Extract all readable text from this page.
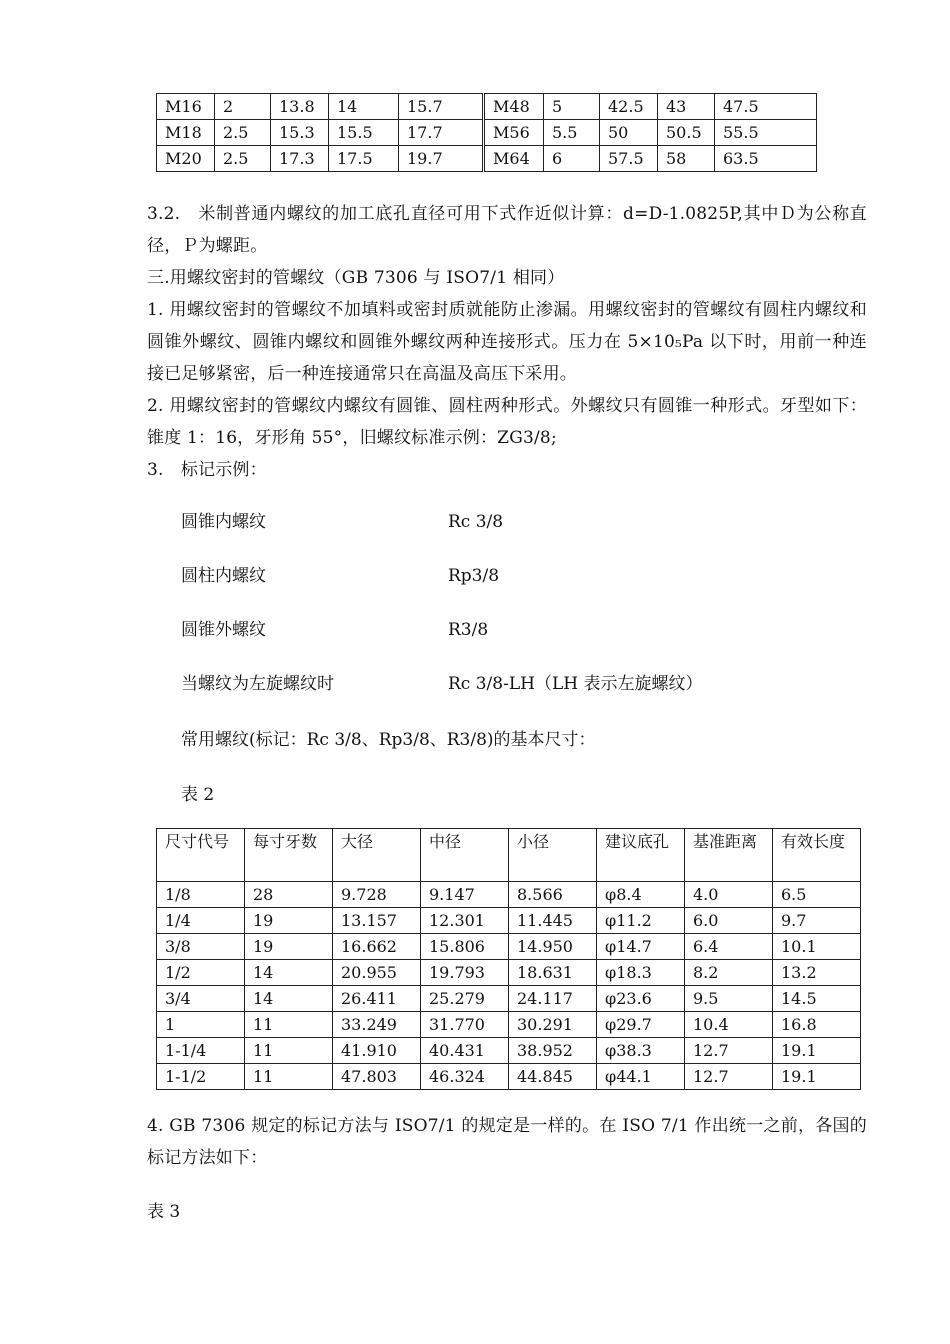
M16	2	13.8	14	15.7	M48	5	42.5	43	47.5
M18	2.5	15.3	15.5	17.7	M56	5.5	50	50.5	55.5
M20	2.5	17.3	17.5	19.7	M64	6	57.5	58	63.5
3.2.　米制普通内螺纹的加工底孔直径可用下式作近似计算：d=D-1.0825P,其中Ｄ为公称直径，Ｐ为螺距。
三.用螺纹密封的管螺纹（GB 7306 与 ISO7/1 相同）
1. 用螺纹密封的管螺纹不加填料或密封质就能防止渗漏。用螺纹密封的管螺纹有圆柱内螺纹和圆锥外螺纹、圆锥内螺纹和圆锥外螺纹两种连接形式。压力在 5×10₅Pa 以下时，用前一种连接已足够紧密，后一种连接通常只在高温及高压下采用。
2. 用螺纹密封的管螺纹内螺纹有圆锥、圆柱两种形式。外螺纹只有圆锥一种形式。牙型如下：锥度 1：16，牙形角 55°，旧螺纹标准示例：ZG3/8;
3.　标记示例：
圆锥内螺纹	Rc 3/8
圆柱内螺纹	Rp3/8
圆锥外螺纹	R3/8
当螺纹为左旋螺纹时	Rc 3/8-LH（LH 表示左旋螺纹）
常用螺纹(标记：Rc 3/8、Rp3/8、R3/8)的基本尺寸：
表 2
尺寸代号	每寸牙数	大径	中径	小径	建议底孔	基准距离	有效长度
1/8	28	9.728	9.147	8.566	φ8.4	4.0	6.5
1/4	19	13.157	12.301	11.445	φ11.2	6.0	9.7
3/8	19	16.662	15.806	14.950	φ14.7	6.4	10.1
1/2	14	20.955	19.793	18.631	φ18.3	8.2	13.2
3/4	14	26.411	25.279	24.117	φ23.6	9.5	14.5
1	11	33.249	31.770	30.291	φ29.7	10.4	16.8
1-1/4	11	41.910	40.431	38.952	φ38.3	12.7	19.1
1-1/2	11	47.803	46.324	44.845	φ44.1	12.7	19.1
4. GB 7306 规定的标记方法与 ISO7/1 的规定是一样的。在 ISO 7/1 作出统一之前，各国的标记方法如下：
表 3
